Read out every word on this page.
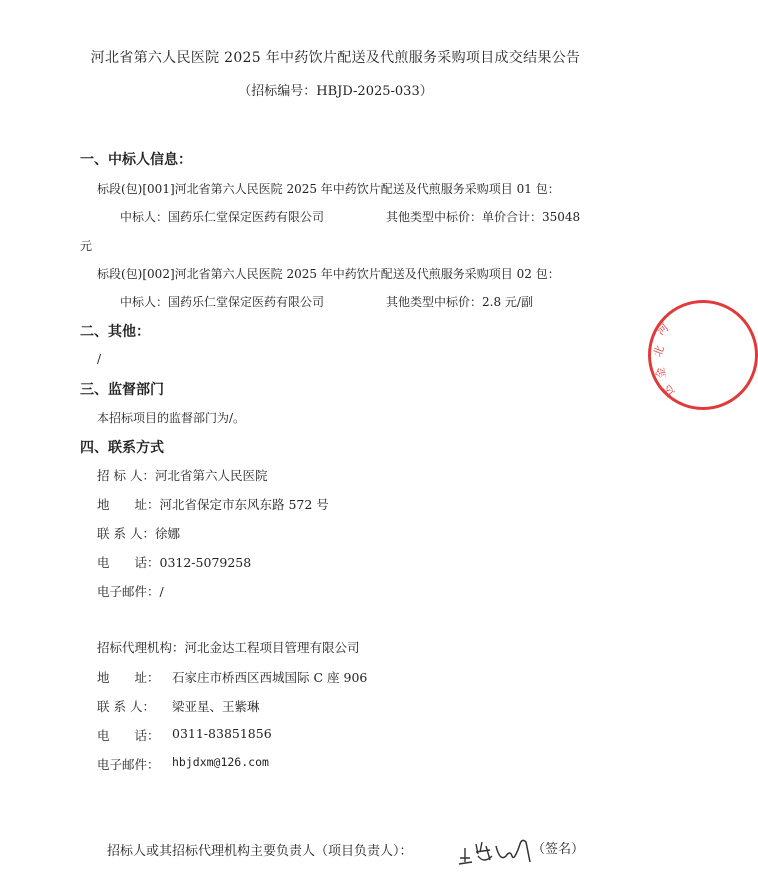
河北省第六人民医院 2025 年中药饮片配送及代煎服务采购项目成交结果公告
（招标编号：HBJD-2025-033）
一、中标人信息：
标段(包)[001]河北省第六人民医院 2025 年中药饮片配送及代煎服务采购项目 01 包：
中标人：国药乐仁堂保定医药有限公司	其他类型中标价：单价合计：35048
元
标段(包)[002]河北省第六人民医院 2025 年中药饮片配送及代煎服务采购项目 02 包：
中标人：国药乐仁堂保定医药有限公司	其他类型中标价：2.8 元/副
二、其他：
/
三、监督部门
本招标项目的监督部门为/。
四、联系方式
招 标 人：河北省第六人民医院
地　　址：河北省保定市东风东路 572 号
联 系 人：徐娜
电　　话：0312-5079258
电子邮件：/
招标代理机构：河北金达工程项目管理有限公司
地　　址： 石家庄市桥西区西城国际 C 座 906
联 系 人： 梁亚星、王紫琳
电　　话： 0311-83851856
电子邮件： hbjdxm@126.com
招标人或其招标代理机构主要负责人（项目负责人）：	（签名）
河
北
金
达
